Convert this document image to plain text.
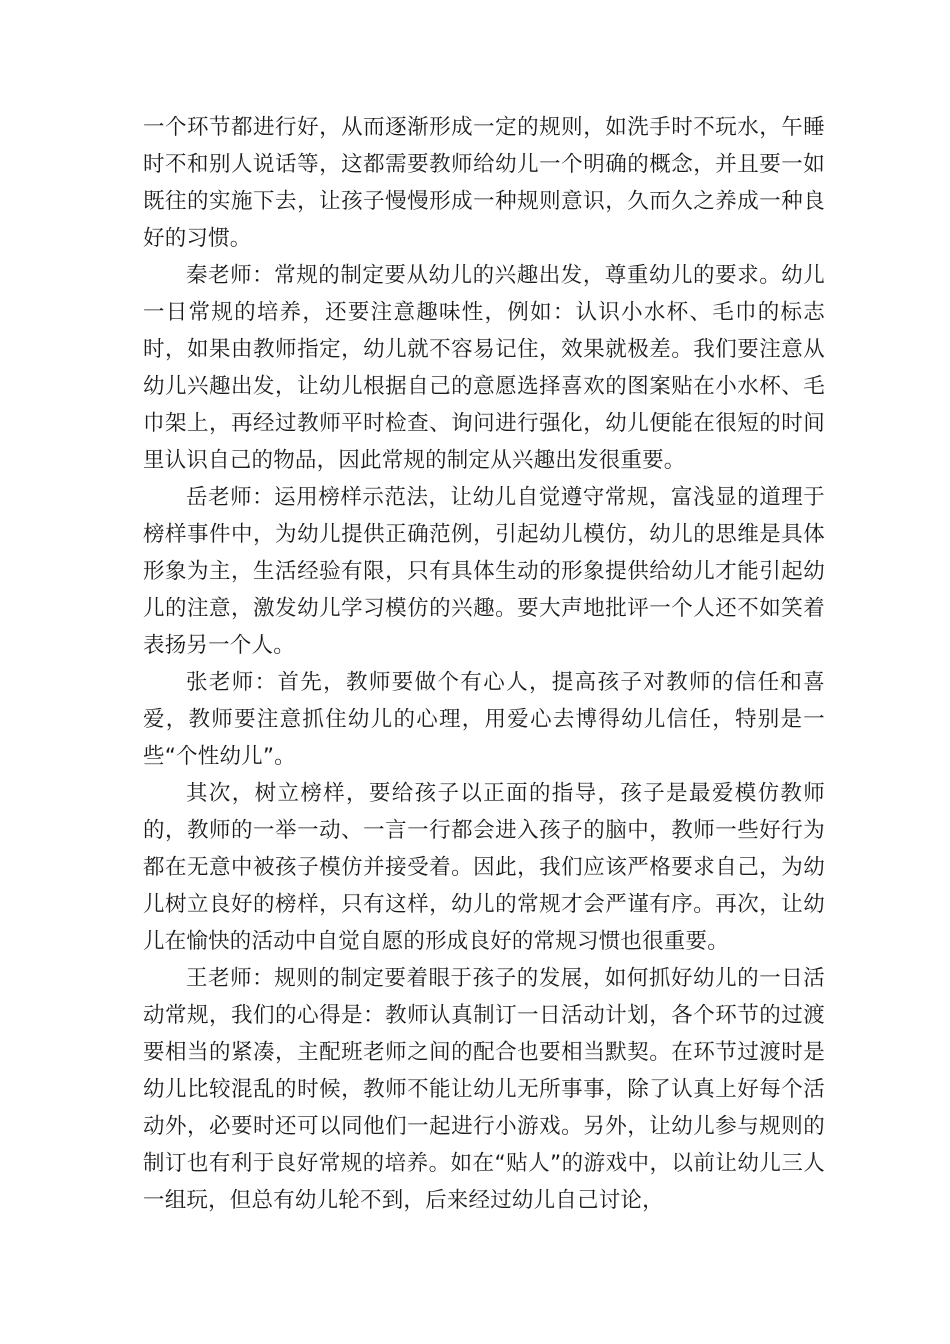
一个环节都进行好，从而逐渐形成一定的规则，如洗手时不玩水，午睡时不和别人说话等，这都需要教师给幼儿一个明确的概念，并且要一如既往的实施下去，让孩子慢慢形成一种规则意识，久而久之养成一种良好的习惯。

秦老师：常规的制定要从幼儿的兴趣出发，尊重幼儿的要求。幼儿一日常规的培养，还要注意趣味性，例如：认识小水杯、毛巾的标志时，如果由教师指定，幼儿就不容易记住，效果就极差。我们要注意从幼儿兴趣出发，让幼儿根据自己的意愿选择喜欢的图案贴在小水杯、毛巾架上，再经过教师平时检查、询问进行强化，幼儿便能在很短的时间里认识自己的物品，因此常规的制定从兴趣出发很重要。

岳老师：运用榜样示范法，让幼儿自觉遵守常规，富浅显的道理于榜样事件中，为幼儿提供正确范例，引起幼儿模仿，幼儿的思维是具体形象为主，生活经验有限，只有具体生动的形象提供给幼儿才能引起幼儿的注意，激发幼儿学习模仿的兴趣。要大声地批评一个人还不如笑着表扬另一个人。

张老师：首先，教师要做个有心人，提高孩子对教师的信任和喜爱，教师要注意抓住幼儿的心理，用爱心去博得幼儿信任，特别是一些“个性幼儿”。

其次，树立榜样，要给孩子以正面的指导，孩子是最爱模仿教师的，教师的一举一动、一言一行都会进入孩子的脑中，教师一些好行为都在无意中被孩子模仿并接受着。因此，我们应该严格要求自己，为幼儿树立良好的榜样，只有这样，幼儿的常规才会严谨有序。再次，让幼儿在愉快的活动中自觉自愿的形成良好的常规习惯也很重要。

王老师：规则的制定要着眼于孩子的发展，如何抓好幼儿的一日活动常规，我们的心得是：教师认真制订一日活动计划，各个环节的过渡要相当的紧凑，主配班老师之间的配合也要相当默契。在环节过渡时是幼儿比较混乱的时候，教师不能让幼儿无所事事，除了认真上好每个活动外，必要时还可以同他们一起进行小游戏。另外，让幼儿参与规则的制订也有利于良好常规的培养。如在“贴人”的游戏中，以前让幼儿三人一组玩，但总有幼儿轮不到，后来经过幼儿自己讨论，
